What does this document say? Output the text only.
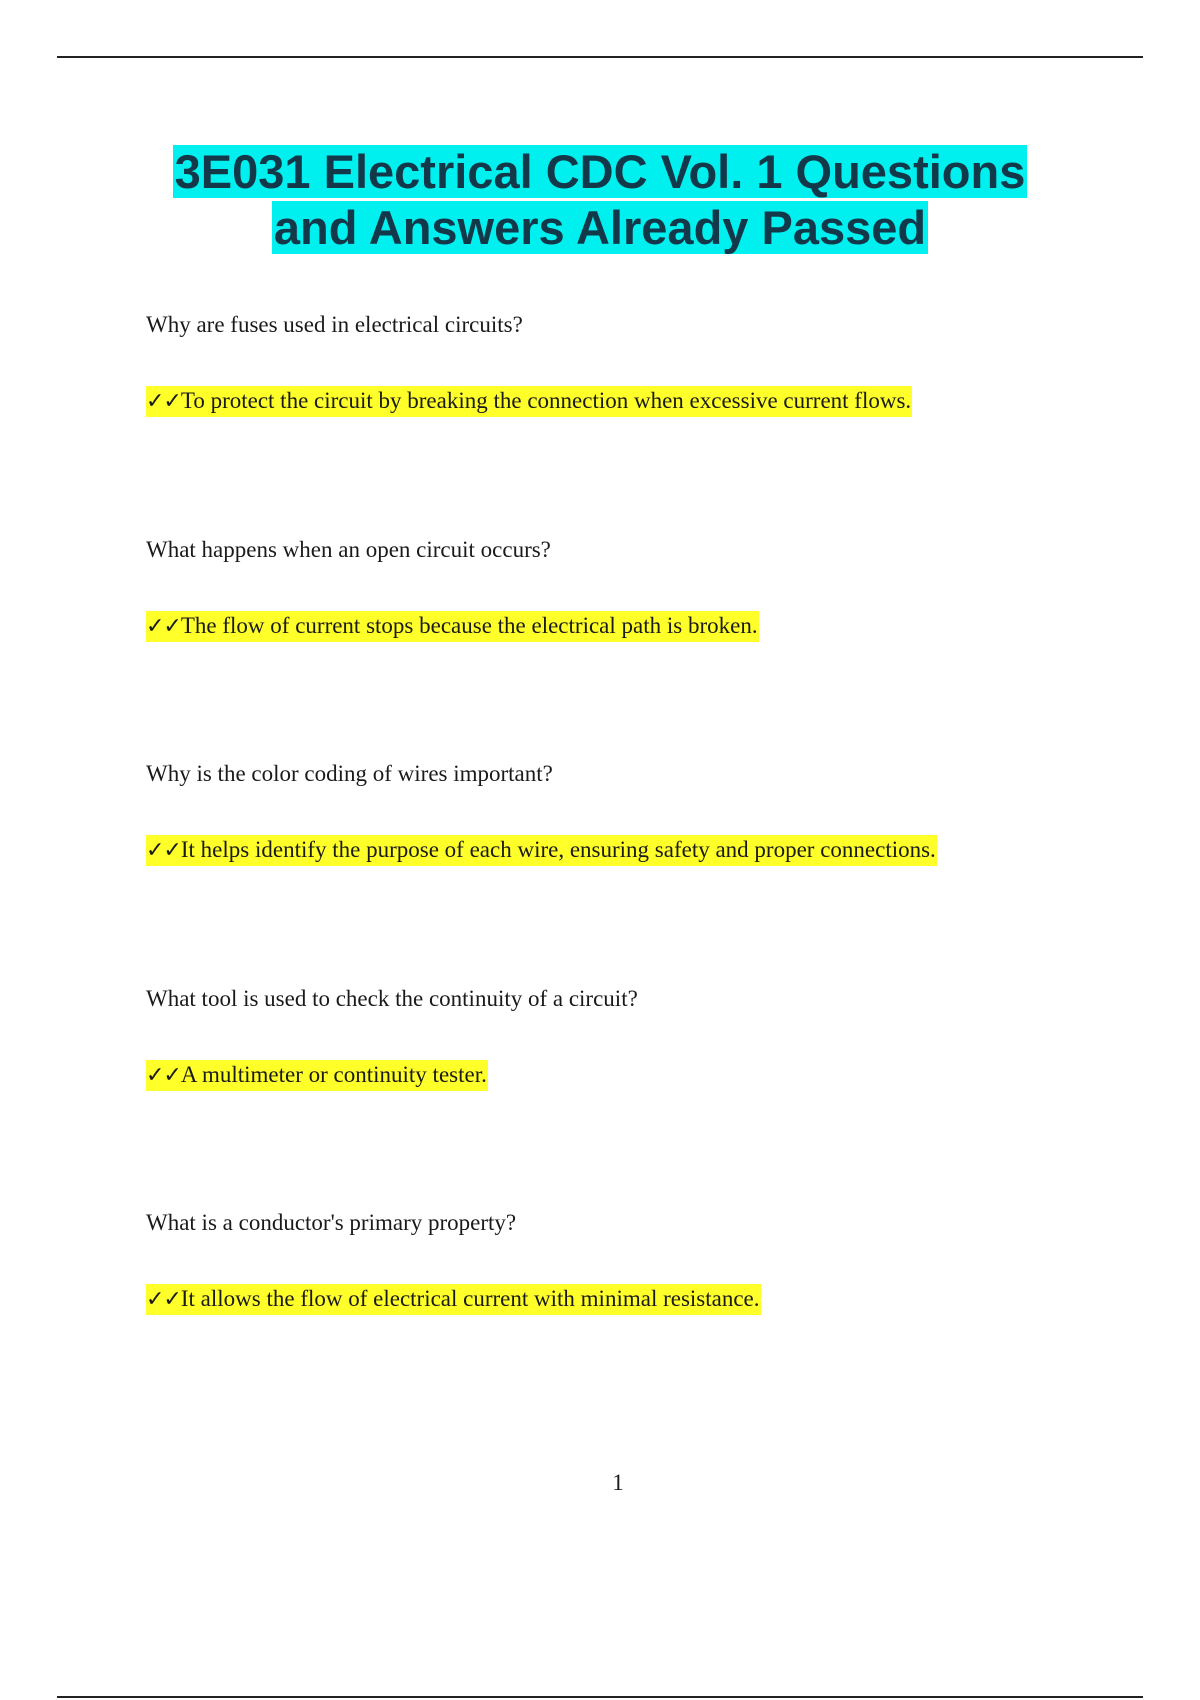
3E031 Electrical CDC Vol. 1 Questions
and Answers Already Passed
Why are fuses used in electrical circuits?
✓✓To protect the circuit by breaking the connection when excessive current flows.
What happens when an open circuit occurs?
✓✓The flow of current stops because the electrical path is broken.
Why is the color coding of wires important?
✓✓It helps identify the purpose of each wire, ensuring safety and proper connections.
What tool is used to check the continuity of a circuit?
✓✓A multimeter or continuity tester.
What is a conductor's primary property?
✓✓It allows the flow of electrical current with minimal resistance.
1
